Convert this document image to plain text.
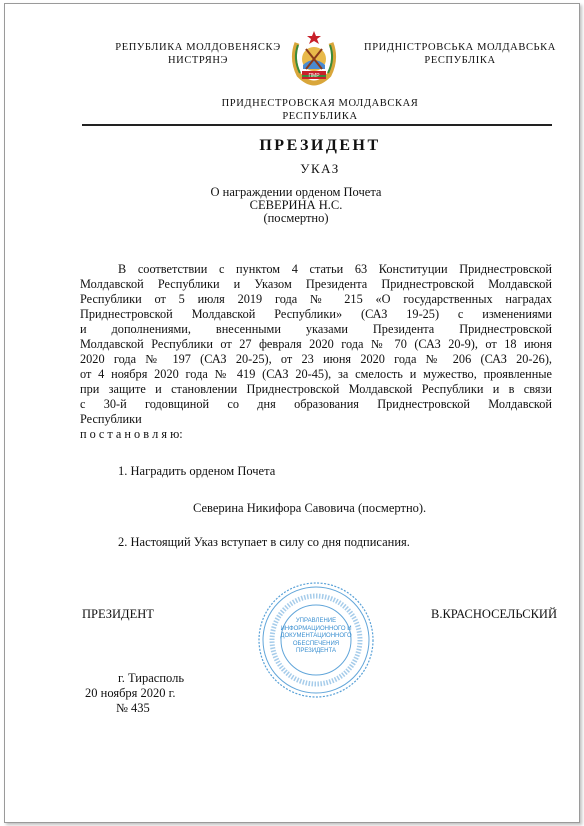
РЕПУБЛИКА МОЛДОВЕНЯСКЭ
НИСТРЯНЭ
ПМР
ПРИДНІСТРОВСЬКА МОЛДАВСЬКА
РЕСПУБЛІКА
ПРИДНЕСТРОВСКАЯ МОЛДАВСКАЯ
РЕСПУБЛИКА
ПРЕЗИДЕНТ
УКАЗ
О награждении орденом Почета
СЕВЕРИНА Н.С.
(посмертно)
В соответствии с пунктом 4 статьи 63 Конституции Приднестровской
Молдавской Республики и Указом Президента Приднестровской Молдавской
Республики от 5 июля 2019 года № 215 «О государственных наградах
Приднестровской Молдавской Республики» (САЗ 19-25) с изменениями
и дополнениями, внесенными указами Президента Приднестровской
Молдавской Республики от 27 февраля 2020 года № 70 (САЗ 20-9), от 18 июня
2020 года № 197 (САЗ 20-25), от 23 июня 2020 года № 206 (САЗ 20-26),
от 4 ноября 2020 года № 419 (САЗ 20-45), за смелость и мужество, проявленные
при защите и становлении Приднестровской Молдавской Республики и в связи
с 30-й годовщиной со дня образования Приднестровской Молдавской
Республики
п о с т а н о в л я ю:
1. Наградить орденом Почета
Северина Никифора Савовича (посмертно).
2. Настоящий Указ вступает в силу со дня подписания.
ПРЕЗИДЕНТ	В.КРАСНОСЕЛЬСКИЙ
УПРАВЛЕНИЕ
ИНФОРМАЦИОННОГО И
ДОКУМЕНТАЦИОННОГО
ОБЕСПЕЧЕНИЯ
ПРЕЗИДЕНТА
г. Тирасполь
20 ноября 2020 г.
№ 435
